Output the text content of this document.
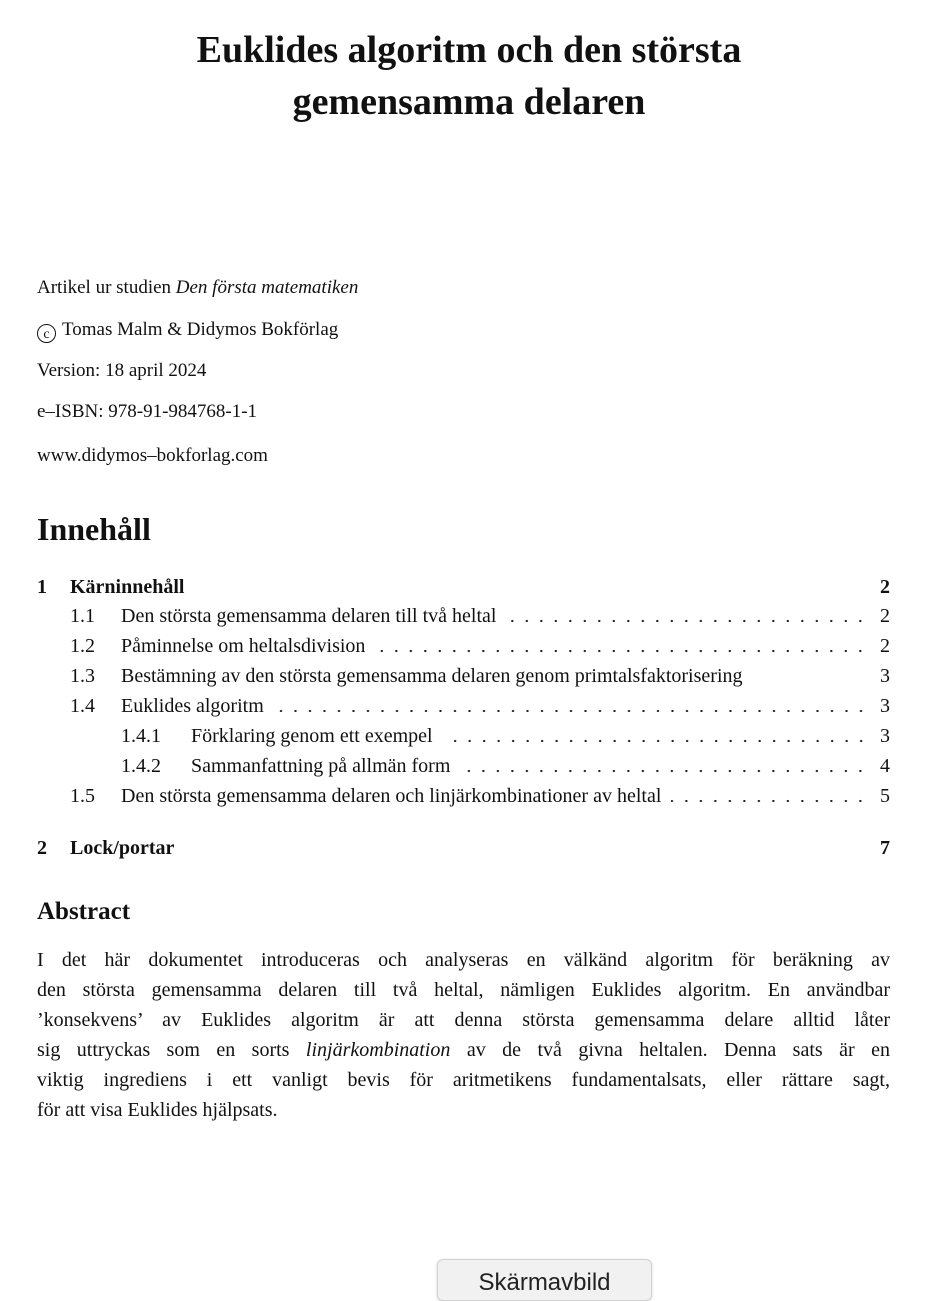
Euklides algoritm och den största
gemensamma delaren
Artikel ur studien Den första matematiken
c Tomas Malm & Didymos Bokförlag
Version: 18 april 2024
e–ISBN: 978-91-984768-1-1
www.didymos–bokforlag.com
Innehåll
1	Kärninnehåll	2
1.1	Den största gemensamma delaren till två heltal	2
1.2	Påminnelse om heltalsdivision	2
1.3	Bestämning av den största gemensamma delaren genom primtalsfaktorisering	3
1.4	Euklides algoritm	3
1.4.1	Förklaring genom ett exempel	3
1.4.2	Sammanfattning på allmän form	4
1.5	Den största gemensamma delaren och linjärkombinationer av heltal	5
2	Lock/portar	7
Abstract
I det här dokumentet introduceras och analyseras en välkänd algoritm för beräkning av
den största gemensamma delaren till två heltal, nämligen Euklides algoritm. En användbar
’konsekvens’ av Euklides algoritm är att denna största gemensamma delare alltid låter
sig uttryckas som en sorts linjärkombination av de två givna heltalen. Denna sats är en
viktig ingrediens i ett vanligt bevis för aritmetikens fundamentalsats, eller rättare sagt,
för att visa Euklides hjälpsats.
Skärmavbild
